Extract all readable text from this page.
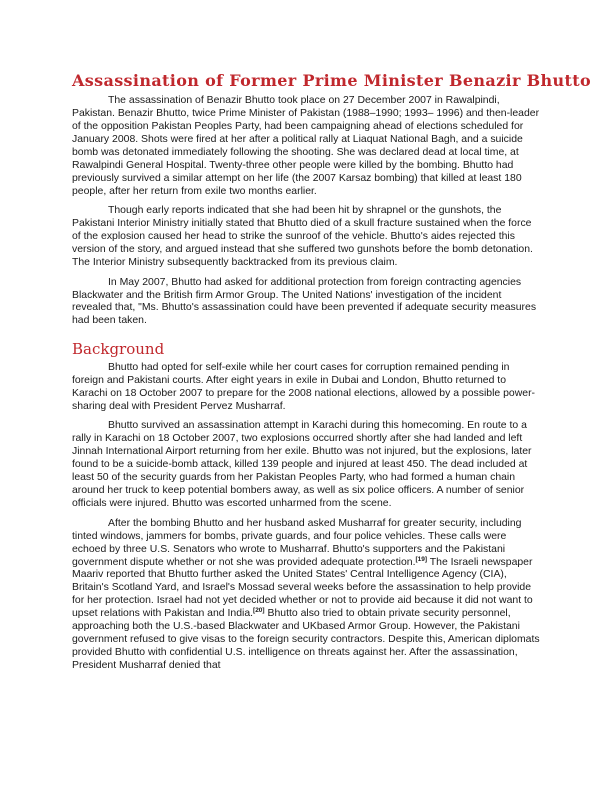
Assassination of Former Prime Minister Benazir Bhutto

The assassination of Benazir Bhutto took place on 27 December 2007 in Rawalpindi, Pakistan. Benazir Bhutto, twice Prime Minister of Pakistan (1988–1990; 1993– 1996) and then-leader of the opposition Pakistan Peoples Party, had been campaigning ahead of elections scheduled for January 2008. Shots were fired at her after a political rally at Liaquat National Bagh, and a suicide bomb was detonated immediately following the shooting. She was declared dead at local time, at Rawalpindi General Hospital. Twenty-three other people were killed by the bombing. Bhutto had previously survived a similar attempt on her life (the 2007 Karsaz bombing) that killed at least 180 people, after her return from exile two months earlier.

Though early reports indicated that she had been hit by shrapnel or the gunshots, the Pakistani Interior Ministry initially stated that Bhutto died of a skull fracture sustained when the force of the explosion caused her head to strike the sunroof of the vehicle. Bhutto's aides rejected this version of the story, and argued instead that she suffered two gunshots before the bomb detonation. The Interior Ministry subsequently backtracked from its previous claim.

In May 2007, Bhutto had asked for additional protection from foreign contracting agencies Blackwater and the British firm Armor Group. The United Nations' investigation of the incident revealed that, "Ms. Bhutto's assassination could have been prevented if adequate security measures had been taken.

Background

Bhutto had opted for self-exile while her court cases for corruption remained pending in foreign and Pakistani courts. After eight years in exile in Dubai and London, Bhutto returned to Karachi on 18 October 2007 to prepare for the 2008 national elections, allowed by a possible power-sharing deal with President Pervez Musharraf.

Bhutto survived an assassination attempt in Karachi during this homecoming. En route to a rally in Karachi on 18 October 2007, two explosions occurred shortly after she had landed and left Jinnah International Airport returning from her exile. Bhutto was not injured, but the explosions, later found to be a suicide-bomb attack, killed 139 people and injured at least 450. The dead included at least 50 of the security guards from her Pakistan Peoples Party, who had formed a human chain around her truck to keep potential bombers away, as well as six police officers. A number of senior officials were injured. Bhutto was escorted unharmed from the scene.

After the bombing Bhutto and her husband asked Musharraf for greater security, including tinted windows, jammers for bombs, private guards, and four police vehicles. These calls were echoed by three U.S. Senators who wrote to Musharraf. Bhutto's supporters and the Pakistani government dispute whether or not she was provided adequate protection.[19] The Israeli newspaper Maariv reported that Bhutto further asked the United States' Central Intelligence Agency (CIA), Britain's Scotland Yard, and Israel's Mossad several weeks before the assassination to help provide for her protection. Israel had not yet decided whether or not to provide aid because it did not want to upset relations with Pakistan and India.[20] Bhutto also tried to obtain private security personnel, approaching both the U.S.-based Blackwater and UKbased Armor Group. However, the Pakistani government refused to give visas to the foreign security contractors. Despite this, American diplomats provided Bhutto with confidential U.S. intelligence on threats against her. After the assassination, President Musharraf denied that
